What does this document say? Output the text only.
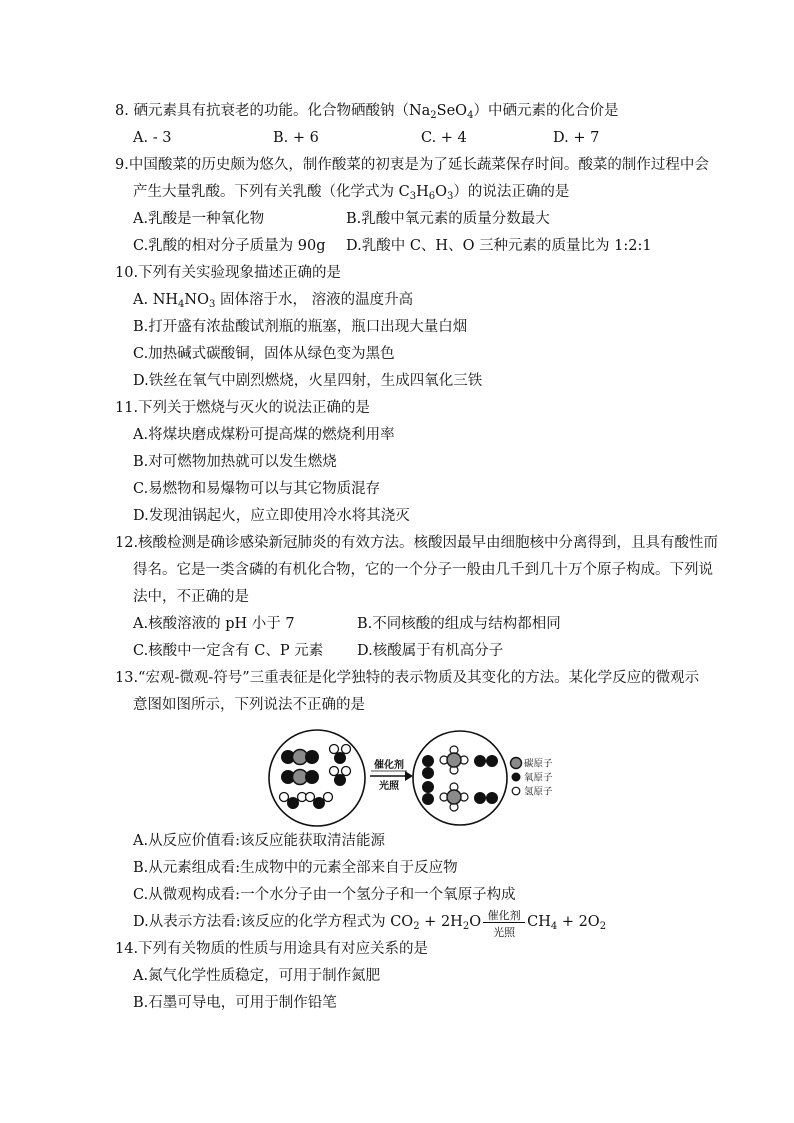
8. 硒元素具有抗衰老的功能。化合物硒酸钠$(Na_2SeO_4)$中硒元素的化合价是
A. - 3	B. + 6	C. + 4	D. + 7
9.中国酸菜的历史颇为悠久，制作酸菜的初衷是为了延长蔬菜保存时间。酸菜的制作过程中会
产生大量乳酸。下列有关乳酸（化学式为 $C_3H_6O_3$）的说法正确的是
A.乳酸是一种氧化物	B.乳酸中氧元素的质量分数最大
C.乳酸的相对分子质量为 90g D.乳酸中 C、H、O 三种元素的质量比为 1:2:1
10.下列有关实验现象描述正确的是
A. $NH_4NO_3$ 固体溶于水， 溶液的温度升高
B.打开盛有浓盐酸试剂瓶的瓶塞，瓶口出现大量白烟
C.加热碱式碳酸铜，固体从绿色变为黑色
D.铁丝在氧气中剧烈燃烧，火星四射，生成四氧化三铁
11.下列关于燃烧与灭火的说法正确的是
A.将煤块磨成煤粉可提高煤的燃烧利用率
B.对可燃物加热就可以发生燃烧
C.易燃物和易爆物可以与其它物质混存
D.发现油锅起火，应立即使用冷水将其浇灭
12.核酸检测是确诊感染新冠肺炎的有效方法。核酸因最早由细胞核中分离得到，且具有酸性而
得名。它是一类含磷的有机化合物，它的一个分子一般由几千到几十万个原子构成。下列说
法中，不正确的是
A.核酸溶液的 pH 小于 7	B.不同核酸的组成与结构都相同
C.核酸中一定含有 C、P 元素 D.核酸属于有机高分子
13.“宏观-微观-符号”三重表征是化学独特的表示物质及其变化的方法。某化学反应的微观示
意图如图所示，下列说法不正确的是
催化剂
光照
碳原子
氧原子
氢原子
A.从反应价值看:该反应能获取清洁能源
B.从元素组成看:生成物中的元素全部来自于反应物
C.从微观构成看:一个水分子由一个氢分子和一个氧原子构成
D.从表示方法看:该反应的化学方程式为 $CO_2 + 2H_2O \frac{\text{催化剂}}{\text{光照}} CH_4 + 2O_2$
14.下列有关物质的性质与用途具有对应关系的是
A.氮气化学性质稳定，可用于制作氮肥
B.石墨可导电，可用于制作铅笔
